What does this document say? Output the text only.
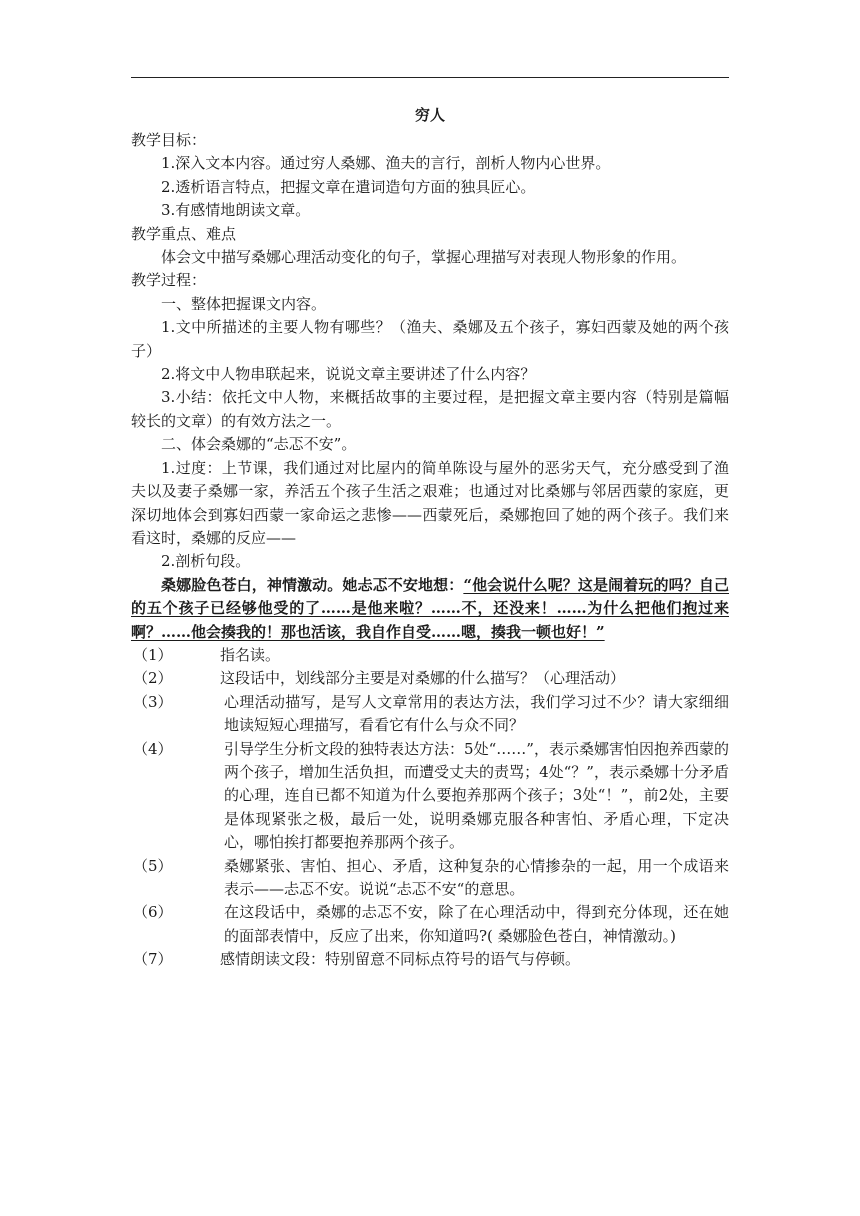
穷人

教学目标：

1.深入文本内容。通过穷人桑娜、渔夫的言行，剖析人物内心世界。

2.透析语言特点，把握文章在遣词造句方面的独具匠心。

3.有感情地朗读文章。

教学重点、难点

体会文中描写桑娜心理活动变化的句子，掌握心理描写对表现人物形象的作用。

教学过程：

一、整体把握课文内容。

1.文中所描述的主要人物有哪些？（渔夫、桑娜及五个孩子，寡妇西蒙及她的两个孩子）

2.将文中人物串联起来，说说文章主要讲述了什么内容？

3.小结：依托文中人物，来概括故事的主要过程，是把握文章主要内容（特别是篇幅较长的文章）的有效方法之一。

二、体会桑娜的“忐忑不安”。

1.过度：上节课，我们通过对比屋内的简单陈设与屋外的恶劣天气，充分感受到了渔夫以及妻子桑娜一家，养活五个孩子生活之艰难；也通过对比桑娜与邻居西蒙的家庭，更深切地体会到寡妇西蒙一家命运之悲惨——西蒙死后，桑娜抱回了她的两个孩子。我们来看这时，桑娜的反应——

2.剖析句段。

桑娜脸色苍白，神情激动。她忐忑不安地想：“他会说什么呢？这是闹着玩的吗？自己的五个孩子已经够他受的了……是他来啦？……不，还没来！……为什么把他们抱过来啊？……他会揍我的！那也活该，我自作自受……嗯，揍我一顿也好！”

（1）	指名读。
（2）	这段话中，划线部分主要是对桑娜的什么描写？（心理活动）
（3）	心理活动描写，是写人文章常用的表达方法，我们学习过不少？请大家细细地读短短心理描写，看看它有什么与众不同？
（4）	引导学生分析文段的独特表达方法：5处“……”，表示桑娜害怕因抱养西蒙的两个孩子，增加生活负担，而遭受丈夫的责骂；4处“？”，表示桑娜十分矛盾的心理，连自已都不知道为什么要抱养那两个孩子；3处“！”，前2处，主要是体现紧张之极，最后一处，说明桑娜克服各种害怕、矛盾心理，下定决心，哪怕挨打都要抱养那两个孩子。
（5）	桑娜紧张、害怕、担心、矛盾，这种复杂的心情掺杂的一起，用一个成语来表示——忐忑不安。说说“忐忑不安“的意思。
（6）	在这段话中，桑娜的忐忑不安，除了在心理活动中，得到充分体现，还在她的面部表情中，反应了出来，你知道吗?( 桑娜脸色苍白，神情激动。)
（7）	感情朗读文段：特别留意不同标点符号的语气与停顿。
